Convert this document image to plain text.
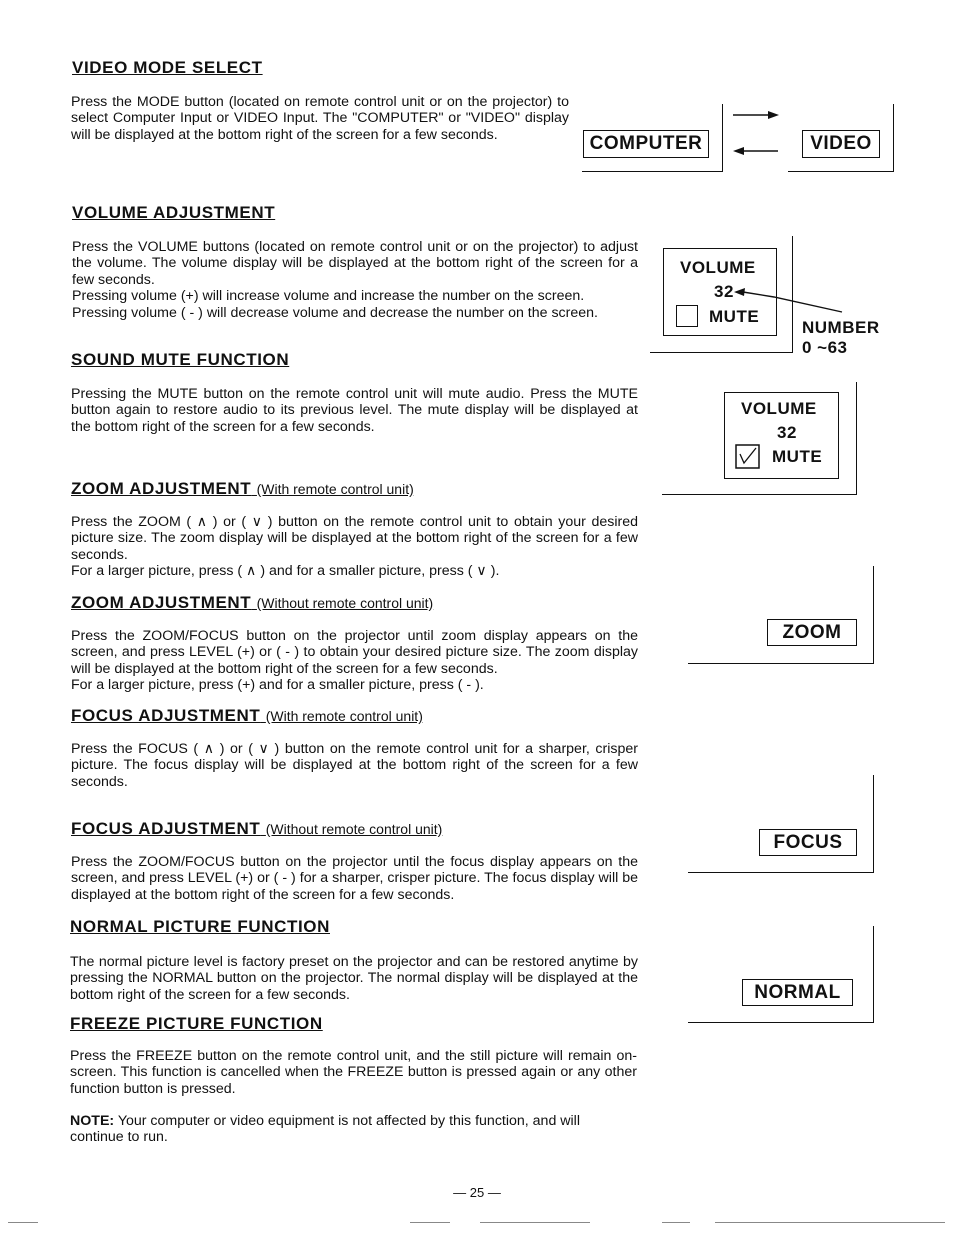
VIDEO MODE SELECT
Press the MODE button (located on remote control unit or on the projector) to select Computer Input or VIDEO Input. The "COMPUTER" or "VIDEO" display will be displayed at the bottom right of the screen for a few seconds.	COMPUTER	VIDEO
VOLUME ADJUSTMENT
Press the VOLUME buttons (located on remote control unit or on the projector) to adjust the volume. The volume display will be displayed at the bottom right of the screen for a few seconds.
Pressing volume (+) will increase volume and increase the number on the screen.
Pressing volume ( - ) will decrease volume and decrease the number on the screen.
VOLUME
32
MUTE
NUMBER
0 ~63
SOUND MUTE FUNCTION
Pressing the MUTE button on the remote control unit will mute audio. Press the MUTE button again to restore audio to its previous level. The mute display will be displayed at the bottom right of the screen for a few seconds.
VOLUME
32
MUTE
ZOOM ADJUSTMENT (With remote control unit)
Press the ZOOM ( ∧ ) or ( ∨ ) button on the remote control unit to obtain your desired picture size. The zoom display will be displayed at the bottom right of the screen for a few seconds.
For a larger picture, press ( ∧ ) and for a smaller picture, press ( ∨ ).
ZOOM ADJUSTMENT (Without remote control unit)
Press the ZOOM/FOCUS button on the projector until zoom display appears on the screen, and press LEVEL (+) or ( - ) to obtain your desired picture size. The zoom display will be displayed at the bottom right of the screen for a few seconds.
For a larger picture, press (+) and for a smaller picture, press ( - ).
ZOOM
FOCUS ADJUSTMENT (With remote control unit)
Press the FOCUS ( ∧ ) or ( ∨ ) button on the remote control unit for a sharper, crisper picture. The focus display will be displayed at the bottom right of the screen for a few seconds.
FOCUS ADJUSTMENT (Without remote control unit)
Press the ZOOM/FOCUS button on the projector until the focus display appears on the screen, and press LEVEL (+) or ( - ) for a sharper, crisper picture. The focus display will be displayed at the bottom right of the screen for a few seconds.
FOCUS
NORMAL PICTURE FUNCTION
The normal picture level is factory preset on the projector and can be restored anytime by pressing the NORMAL button on the projector. The normal display will be displayed at the bottom right of the screen for a few seconds.	NORMAL
FREEZE PICTURE FUNCTION
Press the FREEZE button on the remote control unit, and the still picture will remain on-screen. This function is cancelled when the FREEZE button is pressed again or any other function button is pressed.
NOTE: Your computer or video equipment is not affected by this function, and will continue to run.
— 25 —
